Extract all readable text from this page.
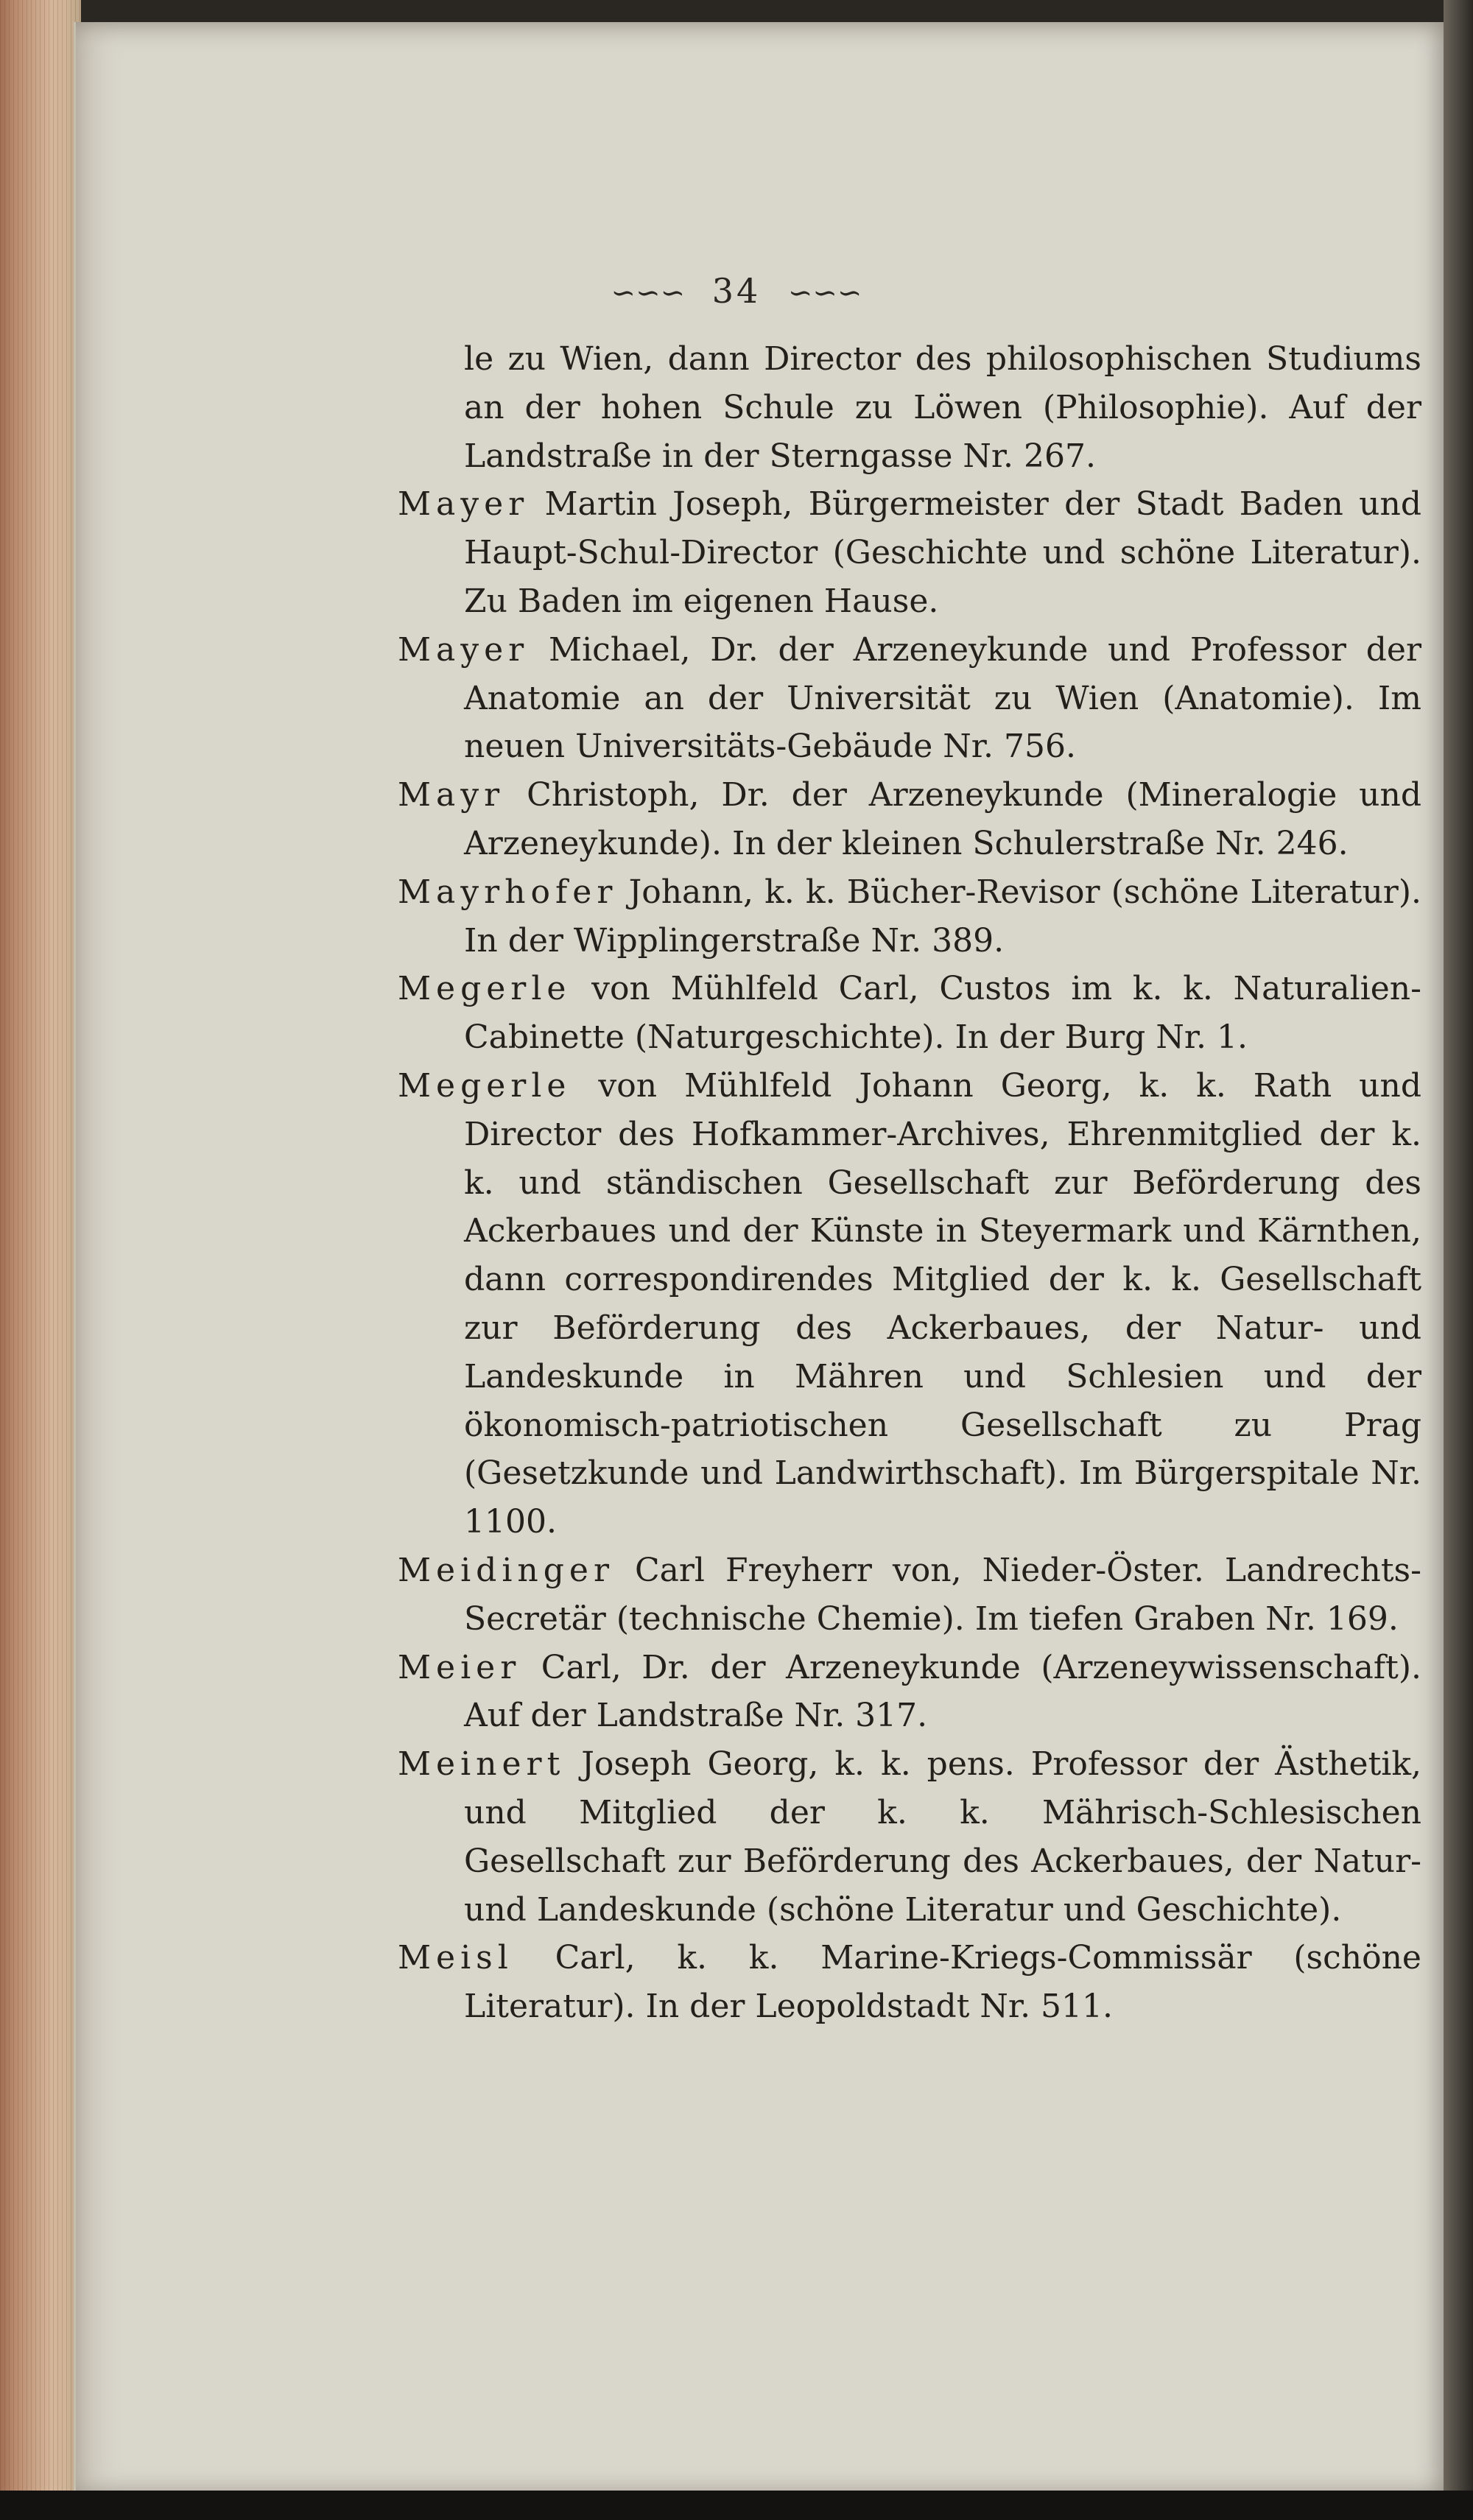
∽∽∽ 34 ∽∽∽

le zu Wien, dann Director des philosophischen Studiums an der hohen Schule zu Löwen (Philosophie). Auf der Landstraße in der Sterngasse Nr. 267.

Mayer Martin Joseph, Bürgermeister der Stadt Baden und Haupt-Schul-Director (Geschichte und schöne Literatur). Zu Baden im eigenen Hause.

Mayer Michael, Dr. der Arzeneykunde und Professor der Anatomie an der Universität zu Wien (Anatomie). Im neuen Universitäts-Gebäude Nr. 756.

Mayr Christoph, Dr. der Arzeneykunde (Mineralogie und Arzeneykunde). In der kleinen Schulerstraße Nr. 246.

Mayrhofer Johann, k. k. Bücher-Revisor (schöne Literatur). In der Wipplingerstraße Nr. 389.

Megerle von Mühlfeld Carl, Custos im k. k. Naturalien-Cabinette (Naturgeschichte). In der Burg Nr. 1.

Megerle von Mühlfeld Johann Georg, k. k. Rath und Director des Hofkammer-Archives, Ehrenmitglied der k. k. und ständischen Gesellschaft zur Beförderung des Ackerbaues und der Künste in Steyermark und Kärnthen, dann correspondirendes Mitglied der k. k. Gesellschaft zur Beförderung des Ackerbaues, der Natur- und Landeskunde in Mähren und Schlesien und der ökonomisch-patriotischen Gesellschaft zu Prag (Gesetzkunde und Landwirthschaft). Im Bürgerspitale Nr. 1100.

Meidinger Carl Freyherr von, Nieder-Öster. Landrechts-Secretär (technische Chemie). Im tiefen Graben Nr. 169.

Meier Carl, Dr. der Arzeneykunde (Arzeneywissenschaft). Auf der Landstraße Nr. 317.

Meinert Joseph Georg, k. k. pens. Professor der Ästhetik, und Mitglied der k. k. Mährisch-Schlesischen Gesellschaft zur Beförderung des Ackerbaues, der Natur- und Landeskunde (schöne Literatur und Geschichte).

Meisl Carl, k. k. Marine-Kriegs-Commissär (schöne Literatur). In der Leopoldstadt Nr. 511.
